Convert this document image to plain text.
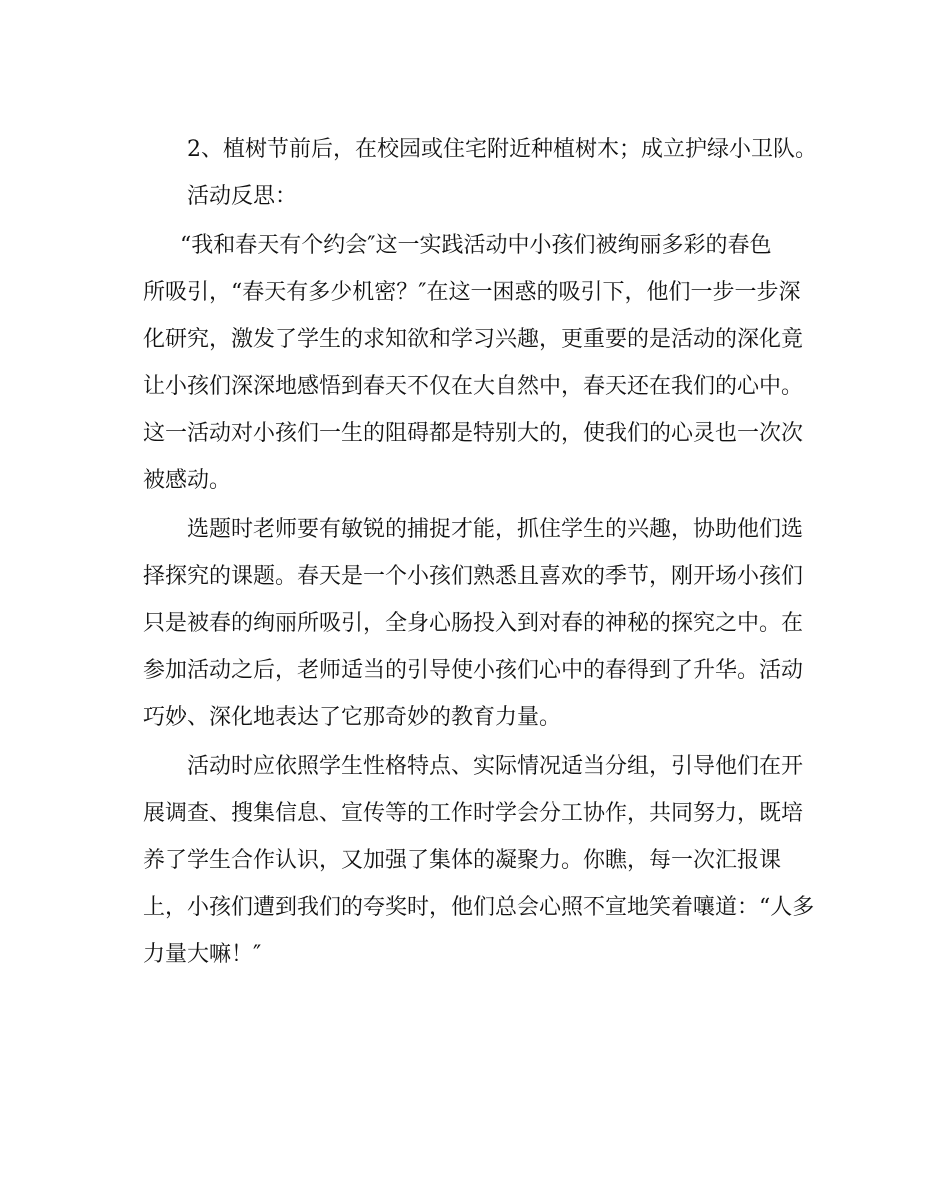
2、植树节前后，在校园或住宅附近种植树木；成立护绿小卫队。

活动反思：

“我和春天有个约会″这一实践活动中小孩们被绚丽多彩的春色

所吸引，“春天有多少机密？″在这一困惑的吸引下，他们一步一步深

化研究，激发了学生的求知欲和学习兴趣，更重要的是活动的深化竟

让小孩们深深地感悟到春天不仅在大自然中，春天还在我们的心中。

这一活动对小孩们一生的阻碍都是特别大的，使我们的心灵也一次次

被感动。

选题时老师要有敏锐的捕捉才能，抓住学生的兴趣，协助他们选

择探究的课题。春天是一个小孩们熟悉且喜欢的季节，刚开场小孩们

只是被春的绚丽所吸引，全身心肠投入到对春的神秘的探究之中。在

参加活动之后，老师适当的引导使小孩们心中的春得到了升华。活动

巧妙、深化地表达了它那奇妙的教育力量。

活动时应依照学生性格特点、实际情况适当分组，引导他们在开

展调查、搜集信息、宣传等的工作时学会分工协作，共同努力，既培

养了学生合作认识，又加强了集体的凝聚力。你瞧，每一次汇报课

上，小孩们遭到我们的夸奖时，他们总会心照不宣地笑着嚷道：“人多

力量大嘛！″
